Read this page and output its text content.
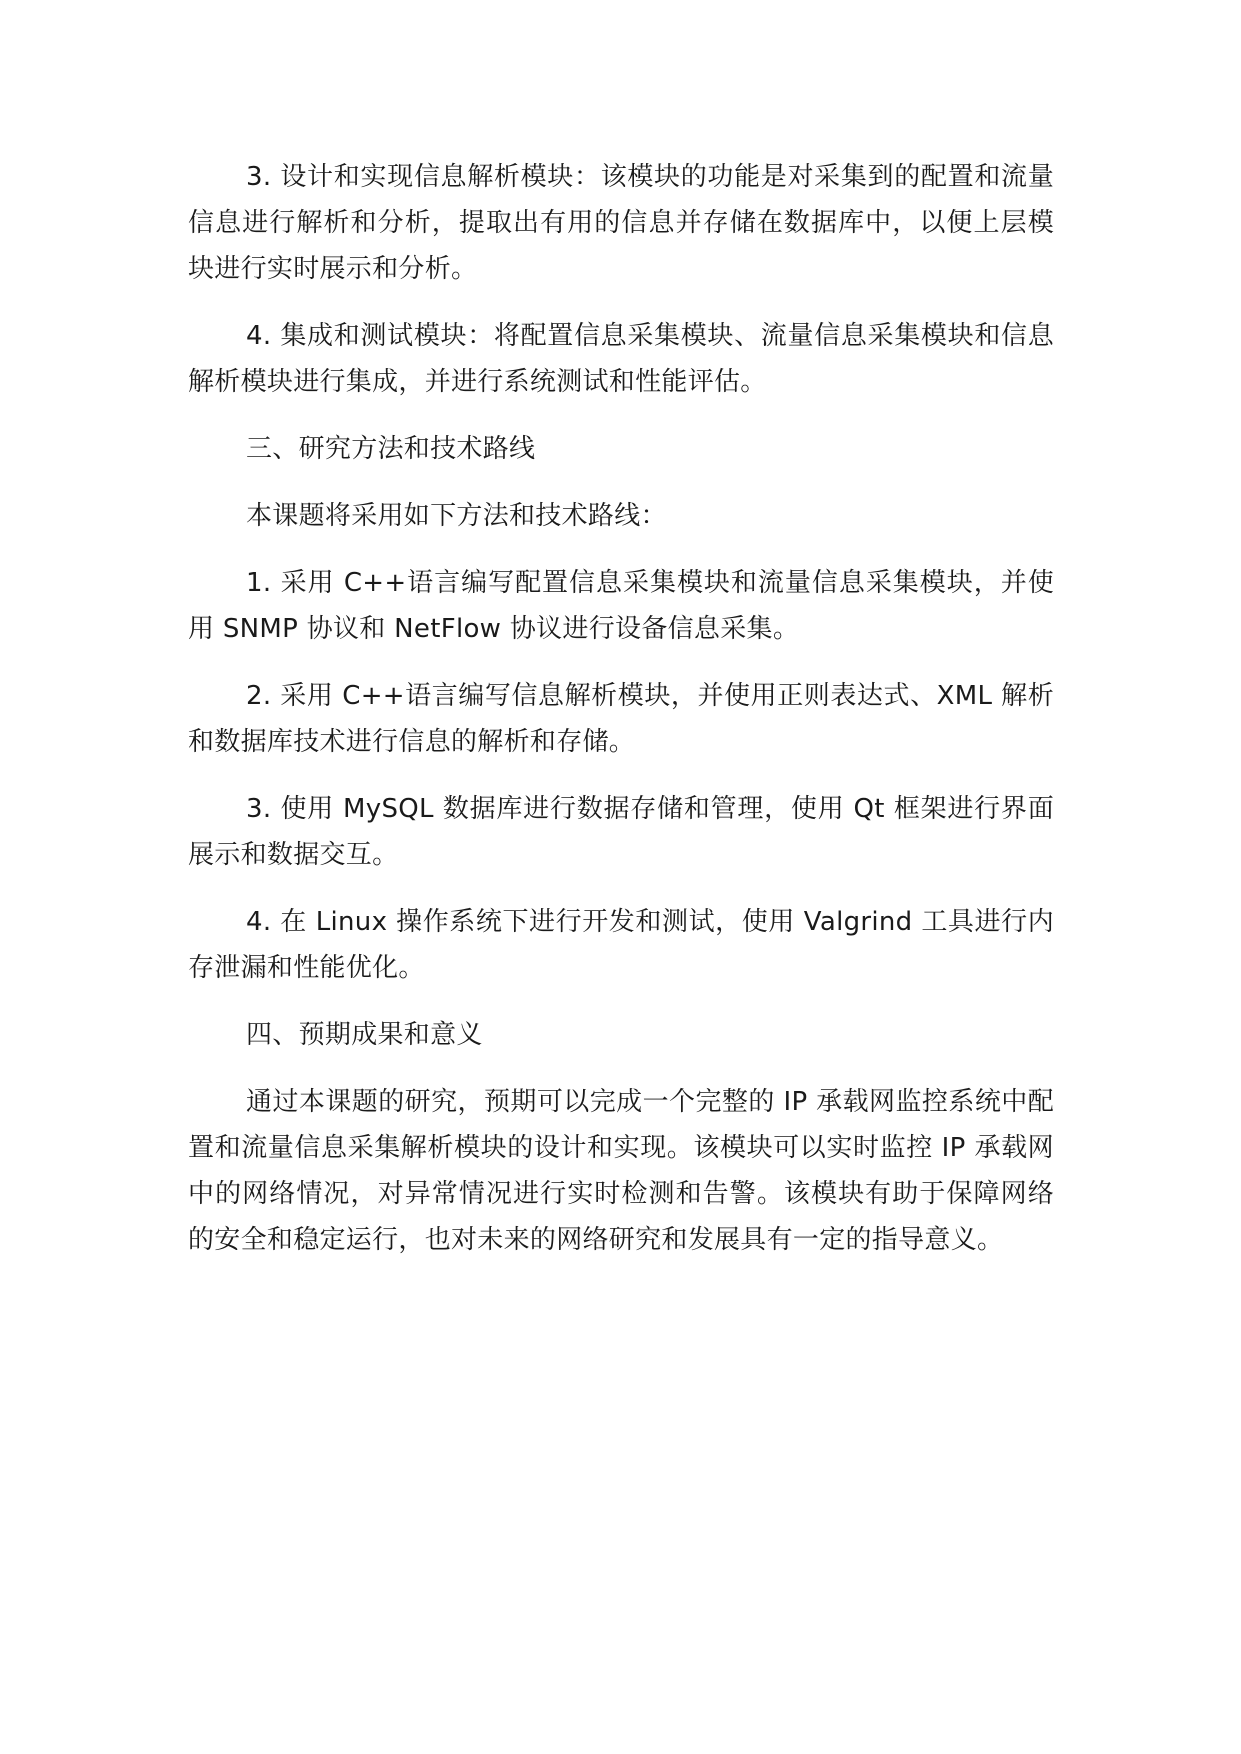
3. 设计和实现信息解析模块：该模块的功能是对采集到的配置和流量信息进行解析和分析，提取出有用的信息并存储在数据库中，以便上层模块进行实时展示和分析。

4. 集成和测试模块：将配置信息采集模块、流量信息采集模块和信息解析模块进行集成，并进行系统测试和性能评估。

三、研究方法和技术路线

本课题将采用如下方法和技术路线：

1. 采用 C++语言编写配置信息采集模块和流量信息采集模块，并使用 SNMP 协议和 NetFlow 协议进行设备信息采集。

2. 采用 C++语言编写信息解析模块，并使用正则表达式、XML 解析和数据库技术进行信息的解析和存储。

3. 使用 MySQL 数据库进行数据存储和管理，使用 Qt 框架进行界面展示和数据交互。

4. 在 Linux 操作系统下进行开发和测试，使用 Valgrind 工具进行内存泄漏和性能优化。

四、预期成果和意义

通过本课题的研究，预期可以完成一个完整的 IP 承载网监控系统中配置和流量信息采集解析模块的设计和实现。该模块可以实时监控 IP 承载网中的网络情况，对异常情况进行实时检测和告警。该模块有助于保障网络的安全和稳定运行，也对未来的网络研究和发展具有一定的指导意义。
